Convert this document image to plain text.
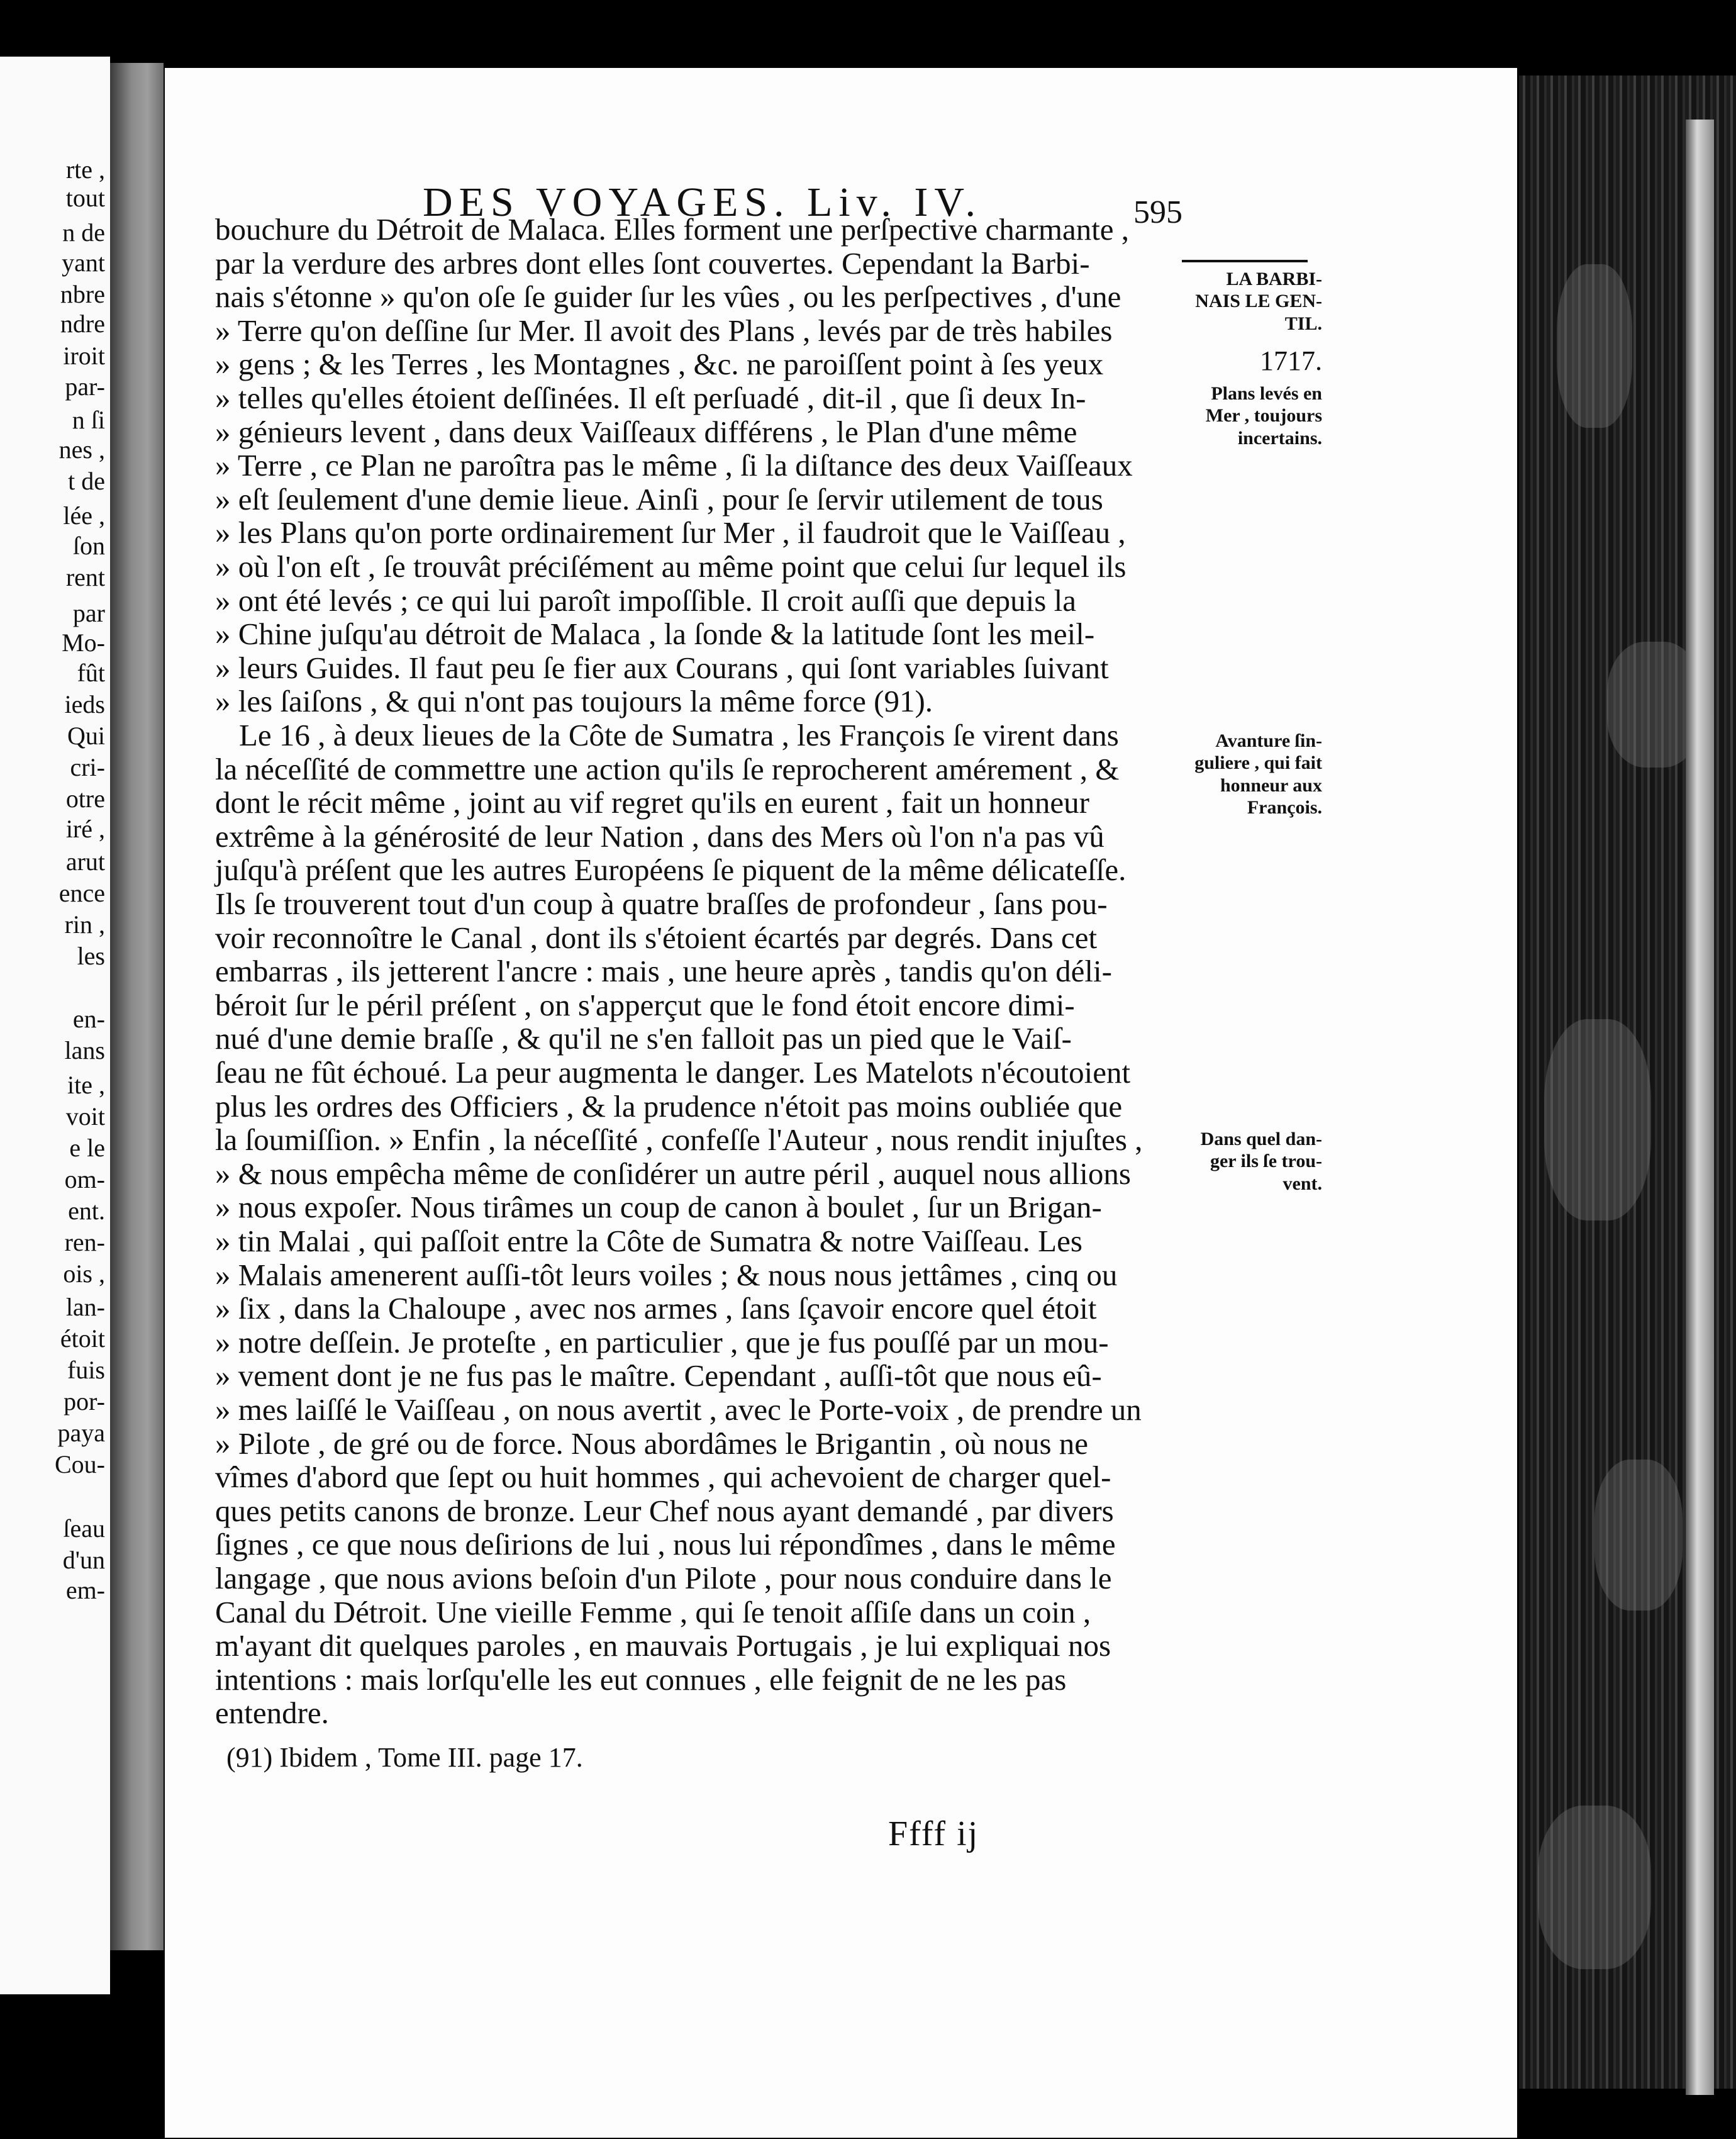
rte ,
tout
n de
yant
nbre
ndre
iroit
par-
n ſi
nes ,
t de
lée ,
ſon
rent
par
Mo-
fût
ieds
Qui
cri-
otre
iré ,
arut
ence
rin ,
les
en-
lans
ite ,
voit
e le
om-
ent.
ren-
ois ,
lan-
étoit
fuis
por-
paya
Cou-
ſeau
d'un
em-
DES VOYAGES. Liv. IV.	595
bouchure du Détroit de Malaca. Elles forment une perſpective charmante ,
par la verdure des arbres dont elles ſont couvertes. Cependant la Barbi-
nais s'étonne » qu'on oſe ſe guider ſur les vûes , ou les perſpectives , d'une
» Terre qu'on deſſine ſur Mer. Il avoit des Plans , levés par de très habiles
» gens ; & les Terres , les Montagnes , &c. ne paroiſſent point à ſes yeux
» telles qu'elles étoient deſſinées. Il eſt perſuadé , dit-il , que ſi deux In-
» génieurs levent , dans deux Vaiſſeaux différens , le Plan d'une même
» Terre , ce Plan ne paroîtra pas le même , ſi la diſtance des deux Vaiſſeaux
» eſt ſeulement d'une demie lieue. Ainſi , pour ſe ſervir utilement de tous
» les Plans qu'on porte ordinairement ſur Mer , il faudroit que le Vaiſſeau ,
» où l'on eſt , ſe trouvât préciſément au même point que celui ſur lequel ils
» ont été levés ; ce qui lui paroît impoſſible. Il croit auſſi que depuis la
» Chine juſqu'au détroit de Malaca , la ſonde & la latitude ſont les meil-
» leurs Guides. Il faut peu ſe fier aux Courans , qui ſont variables ſuivant
» les ſaiſons , & qui n'ont pas toujours la même force (91).
Le 16 , à deux lieues de la Côte de Sumatra , les François ſe virent dans
la néceſſité de commettre une action qu'ils ſe reprocherent amérement , &
dont le récit même , joint au vif regret qu'ils en eurent , fait un honneur
extrême à la générosité de leur Nation , dans des Mers où l'on n'a pas vû
juſqu'à préſent que les autres Européens ſe piquent de la même délicateſſe.
Ils ſe trouverent tout d'un coup à quatre braſſes de profondeur , ſans pou-
voir reconnoître le Canal , dont ils s'étoient écartés par degrés. Dans cet
embarras , ils jetterent l'ancre : mais , une heure après , tandis qu'on déli-
béroit ſur le péril préſent , on s'apperçut que le fond étoit encore dimi-
nué d'une demie braſſe , & qu'il ne s'en falloit pas un pied que le Vaiſ-
ſeau ne fût échoué. La peur augmenta le danger. Les Matelots n'écoutoient
plus les ordres des Officiers , & la prudence n'étoit pas moins oubliée que
la ſoumiſſion. » Enfin , la néceſſité , confeſſe l'Auteur , nous rendit injuſtes ,
» & nous empêcha même de conſidérer un autre péril , auquel nous allions
» nous expoſer. Nous tirâmes un coup de canon à boulet , ſur un Brigan-
» tin Malai , qui paſſoit entre la Côte de Sumatra & notre Vaiſſeau. Les
» Malais amenerent auſſi-tôt leurs voiles ; & nous nous jettâmes , cinq ou
» ſix , dans la Chaloupe , avec nos armes , ſans ſçavoir encore quel étoit
» notre deſſein. Je proteſte , en particulier , que je fus pouſſé par un mou-
» vement dont je ne fus pas le maître. Cependant , auſſi-tôt que nous eû-
» mes laiſſé le Vaiſſeau , on nous avertit , avec le Porte-voix , de prendre un
» Pilote , de gré ou de force. Nous abordâmes le Brigantin , où nous ne
vîmes d'abord que ſept ou huit hommes , qui achevoient de charger quel-
ques petits canons de bronze. Leur Chef nous ayant demandé , par divers
ſignes , ce que nous deſirions de lui , nous lui répondîmes , dans le même
langage , que nous avions beſoin d'un Pilote , pour nous conduire dans le
Canal du Détroit. Une vieille Femme , qui ſe tenoit aſſiſe dans un coin ,
m'ayant dit quelques paroles , en mauvais Portugais , je lui expliquai nos
intentions : mais lorſqu'elle les eut connues , elle feignit de ne les pas
entendre.
LA BARBI-
NAIS LE GEN-
TIL.
1717.
Plans levés en
Mer , toujours
incertains.
Avanture ſin-
guliere , qui fait
honneur aux
François.
Dans quel dan-
ger ils ſe trou-
vent.
(91) Ibidem , Tome III. page 17.
Ffff ij
